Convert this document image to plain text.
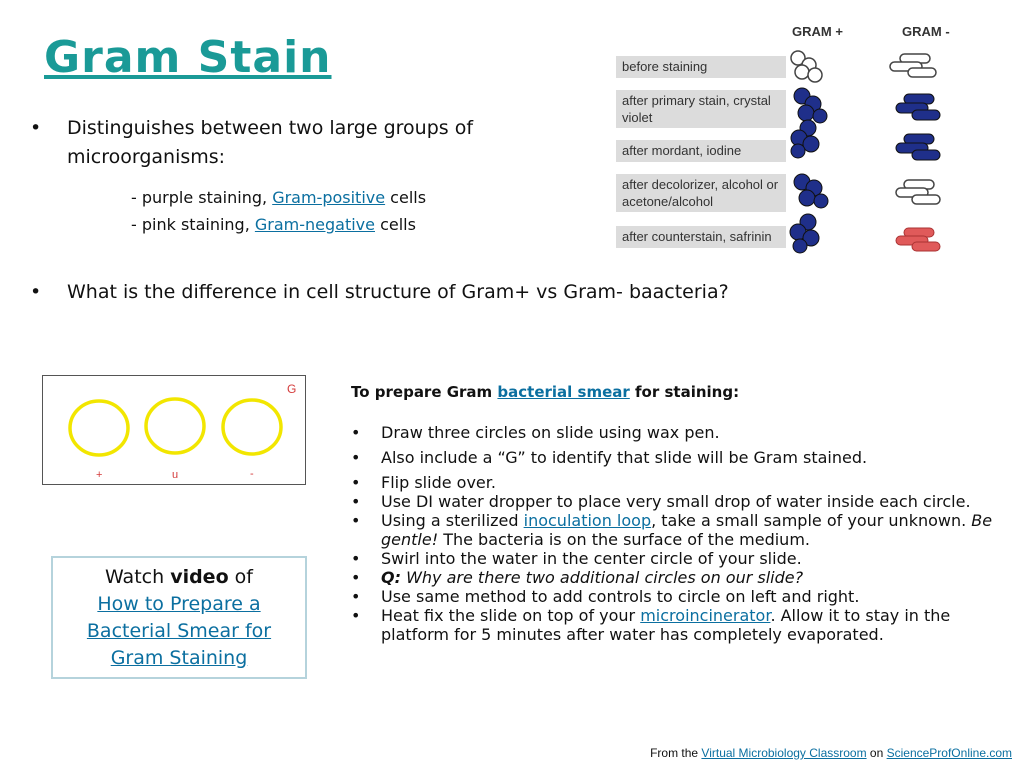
Gram Stain
• Distinguishes between two large groups of
microorganisms:
- purple staining, Gram-positive cells
- pink staining, Gram-negative cells
•	What is the difference in cell structure of Gram+ vs Gram- baacteria?
GRAM +	GRAM -
before staining
after primary stain, crystal violet
after mordant, iodine
after decolorizer, alcohol or acetone/alcohol
after counterstain, safrinin
G
+	u	-
Watch video of
How to Prepare a Bacterial Smear for Gram Staining
To prepare Gram bacterial smear for staining:
• Draw three circles on slide using wax pen.
• Also include a “G” to identify that slide will be Gram stained.
• Flip slide over.
• Use DI water dropper to place very small drop of water inside each circle.
• Using a sterilized inoculation loop, take a small sample of your unknown. Be gentle! The bacteria is on the surface of the medium.
• Swirl into the water in the center circle of your slide.
• Q: Why are there two additional circles on our slide?
• Use same method to add controls to circle on left and right.
• Heat fix the slide on top of your microincinerator. Allow it to stay in the platform for 5 minutes after water has completely evaporated.
From the Virtual Microbiology Classroom on ScienceProfOnline.com
